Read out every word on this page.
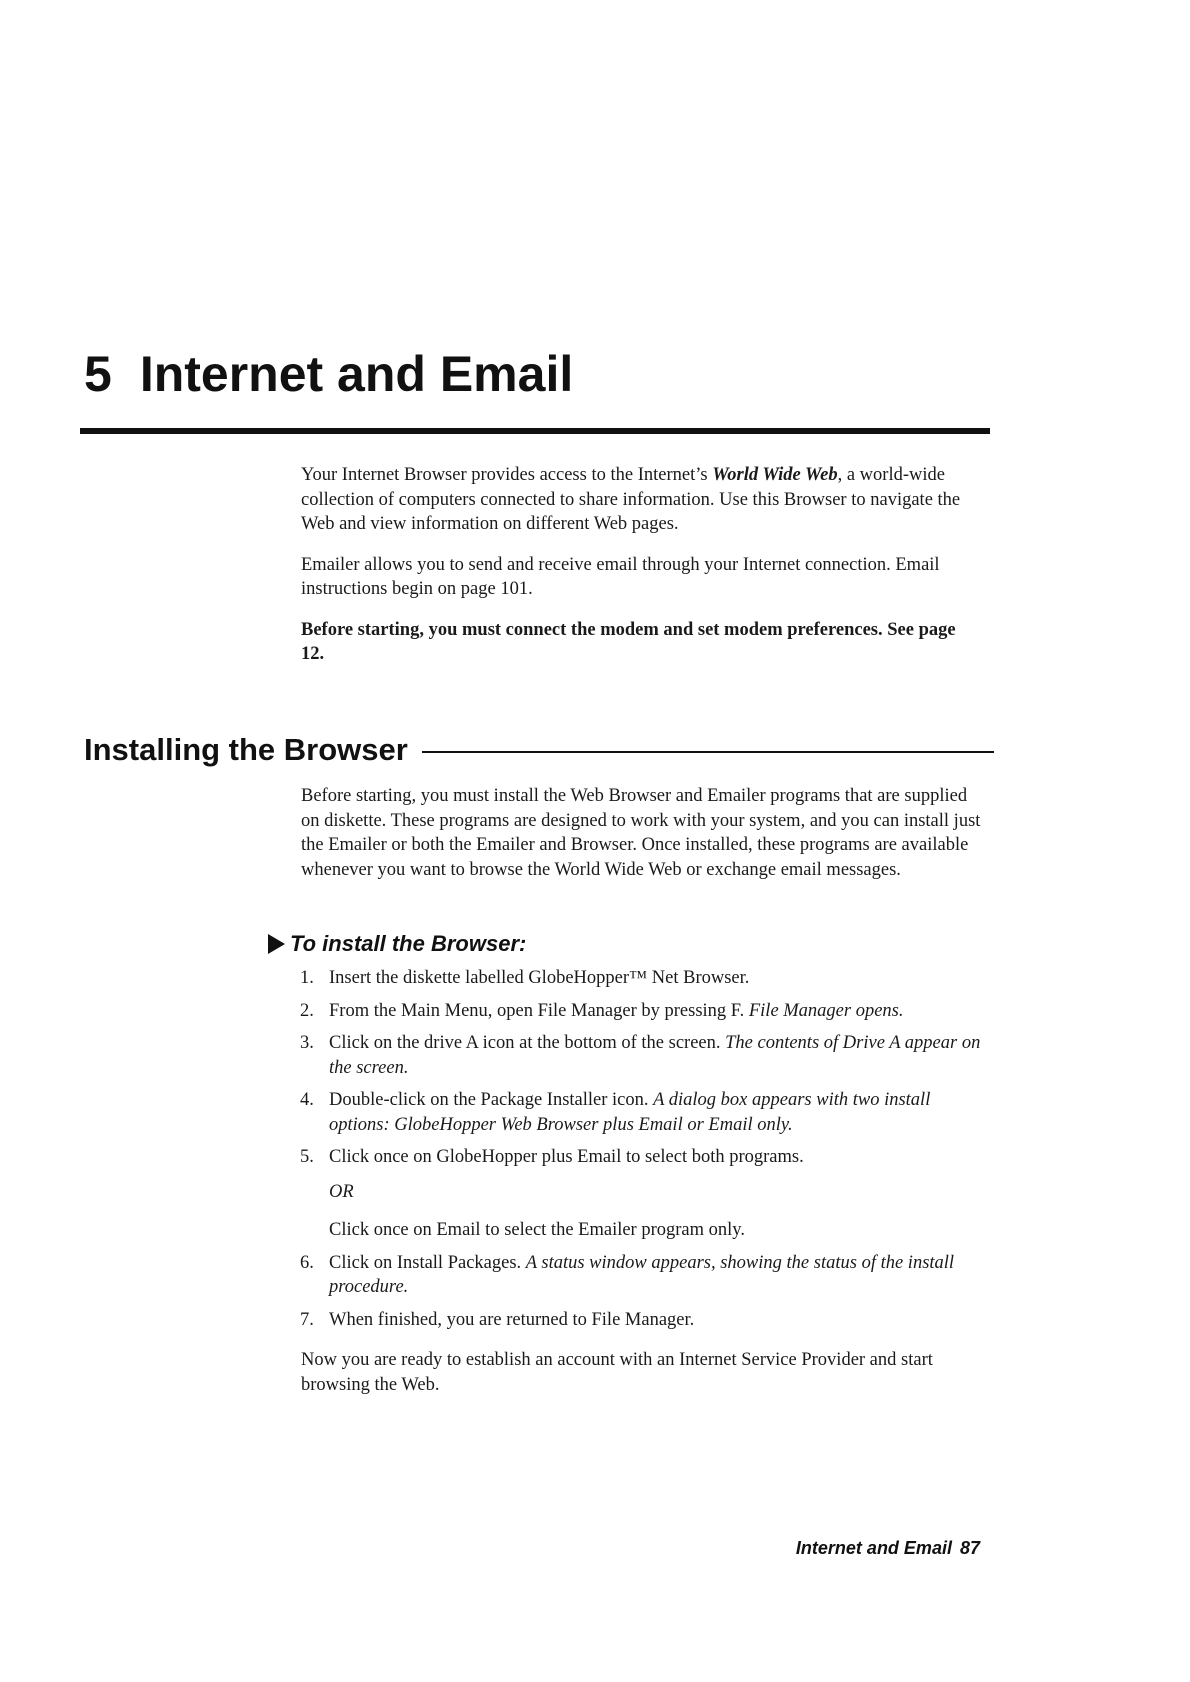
5 Internet and Email

Your Internet Browser provides access to the Internet’s World Wide Web, a world-wide collection of computers connected to share information. Use this Browser to navigate the Web and view information on different Web pages.

Emailer allows you to send and receive email through your Internet connection. Email instructions begin on page 101.

Before starting, you must connect the modem and set modem preferences. See page 12.

Installing the Browser

Before starting, you must install the Web Browser and Emailer programs that are supplied on diskette. These programs are designed to work with your system, and you can install just the Emailer or both the Emailer and Browser. Once installed, these programs are available whenever you want to browse the World Wide Web or exchange email messages.

To install the Browser:
1. Insert the diskette labelled GlobeHopper™ Net Browser.
2. From the Main Menu, open File Manager by pressing F. File Manager opens.
3. Click on the drive A icon at the bottom of the screen. The contents of Drive A appear on the screen.
4. Double-click on the Package Installer icon. A dialog box appears with two install options: GlobeHopper Web Browser plus Email or Email only.
5. Click once on GlobeHopper plus Email to select both programs.
OR
Click once on Email to select the Emailer program only.
6. Click on Install Packages. A status window appears, showing the status of the install procedure.
7. When finished, you are returned to File Manager.

Now you are ready to establish an account with an Internet Service Provider and start browsing the Web.

Internet and Email 87
